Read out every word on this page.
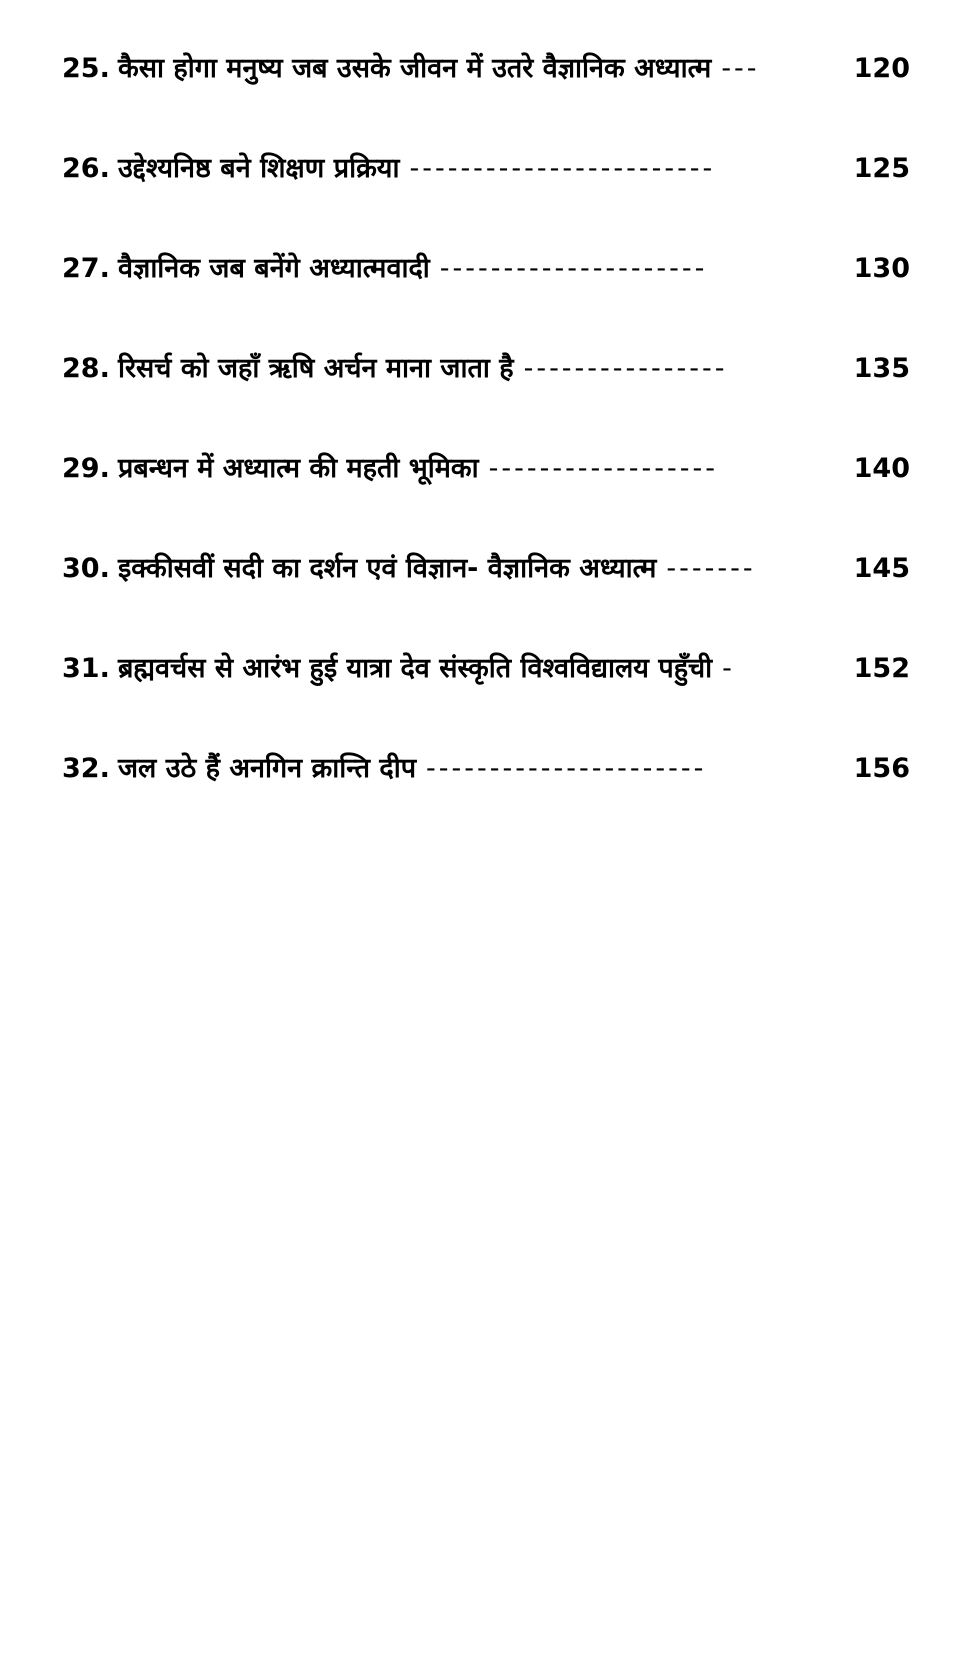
25. कैसा होगा मनुष्य जब उसके जीवन में उतरे वैज्ञानिक अध्यात्म ---	120
26. उद्देश्यनिष्ठ बने शिक्षण प्रक्रिया ------------------------	125
27. वैज्ञानिक जब बनेंगे अध्यात्मवादी ---------------------	130
28. रिसर्च को जहाँ ऋषि अर्चन माना जाता है ----------------	135
29. प्रबन्धन में अध्यात्म की महती भूमिका ------------------	140
30. इक्कीसवीं सदी का दर्शन एवं विज्ञान- वैज्ञानिक अध्यात्म -------	145
31. ब्रह्मवर्चस से आरंभ हुई यात्रा देव संस्कृति विश्वविद्यालय पहुँची -	152
32. जल उठे हैं अनगिन क्रान्ति दीप ----------------------	156
